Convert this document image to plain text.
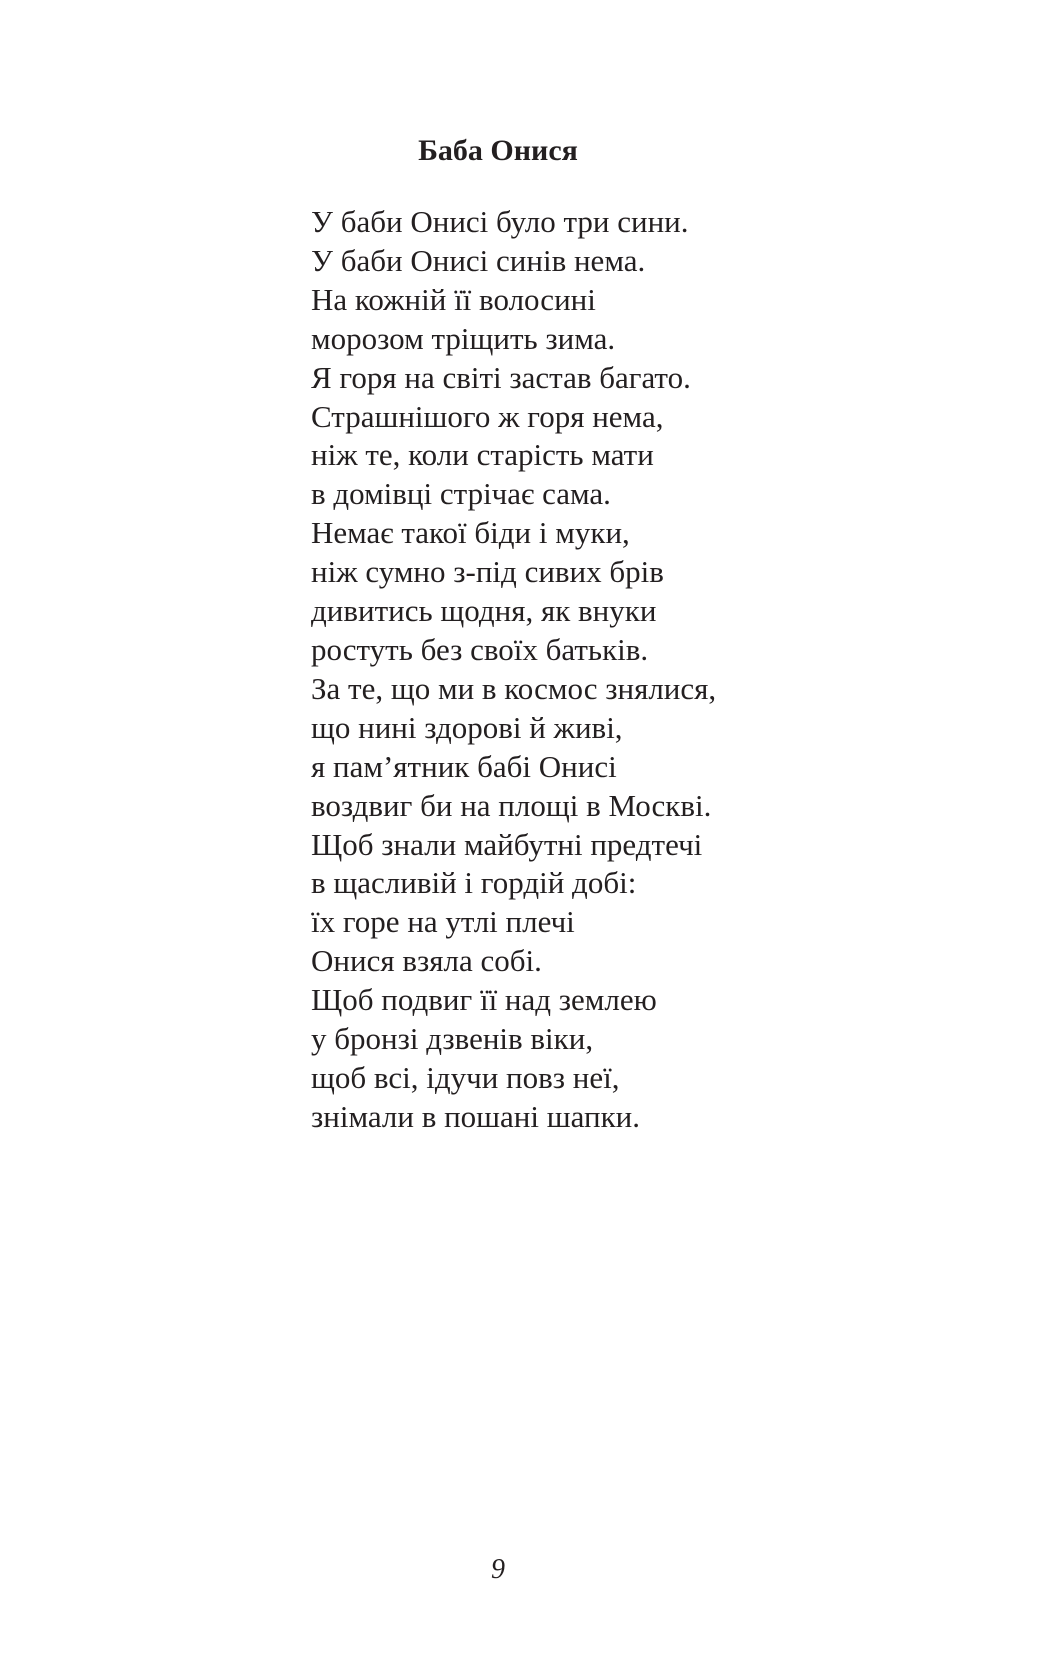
Баба Онися
У баби Онисі було три сини.
У баби Онисі синів нема.
На кожній її волосині
морозом тріщить зима.
Я горя на світі застав багато.
Страшнішого ж горя нема,
ніж те, коли старість мати
в домівці стрічає сама.
Немає такої біди і муки,
ніж сумно з-під сивих брів
дивитись щодня, як внуки
ростуть без своїх батьків.
За те, що ми в космос знялися,
що нині здорові й живі,
я пам’ятник бабі Онисі
воздвиг би на площі в Москві.
Щоб знали майбутні предтечі
в щасливій і гордій добі:
їх горе на утлі плечі
Онися взяла собі.
Щоб подвиг її над землею
у бронзі дзвенів віки,
щоб всі, ідучи повз неї,
знімали в пошані шапки.
9
